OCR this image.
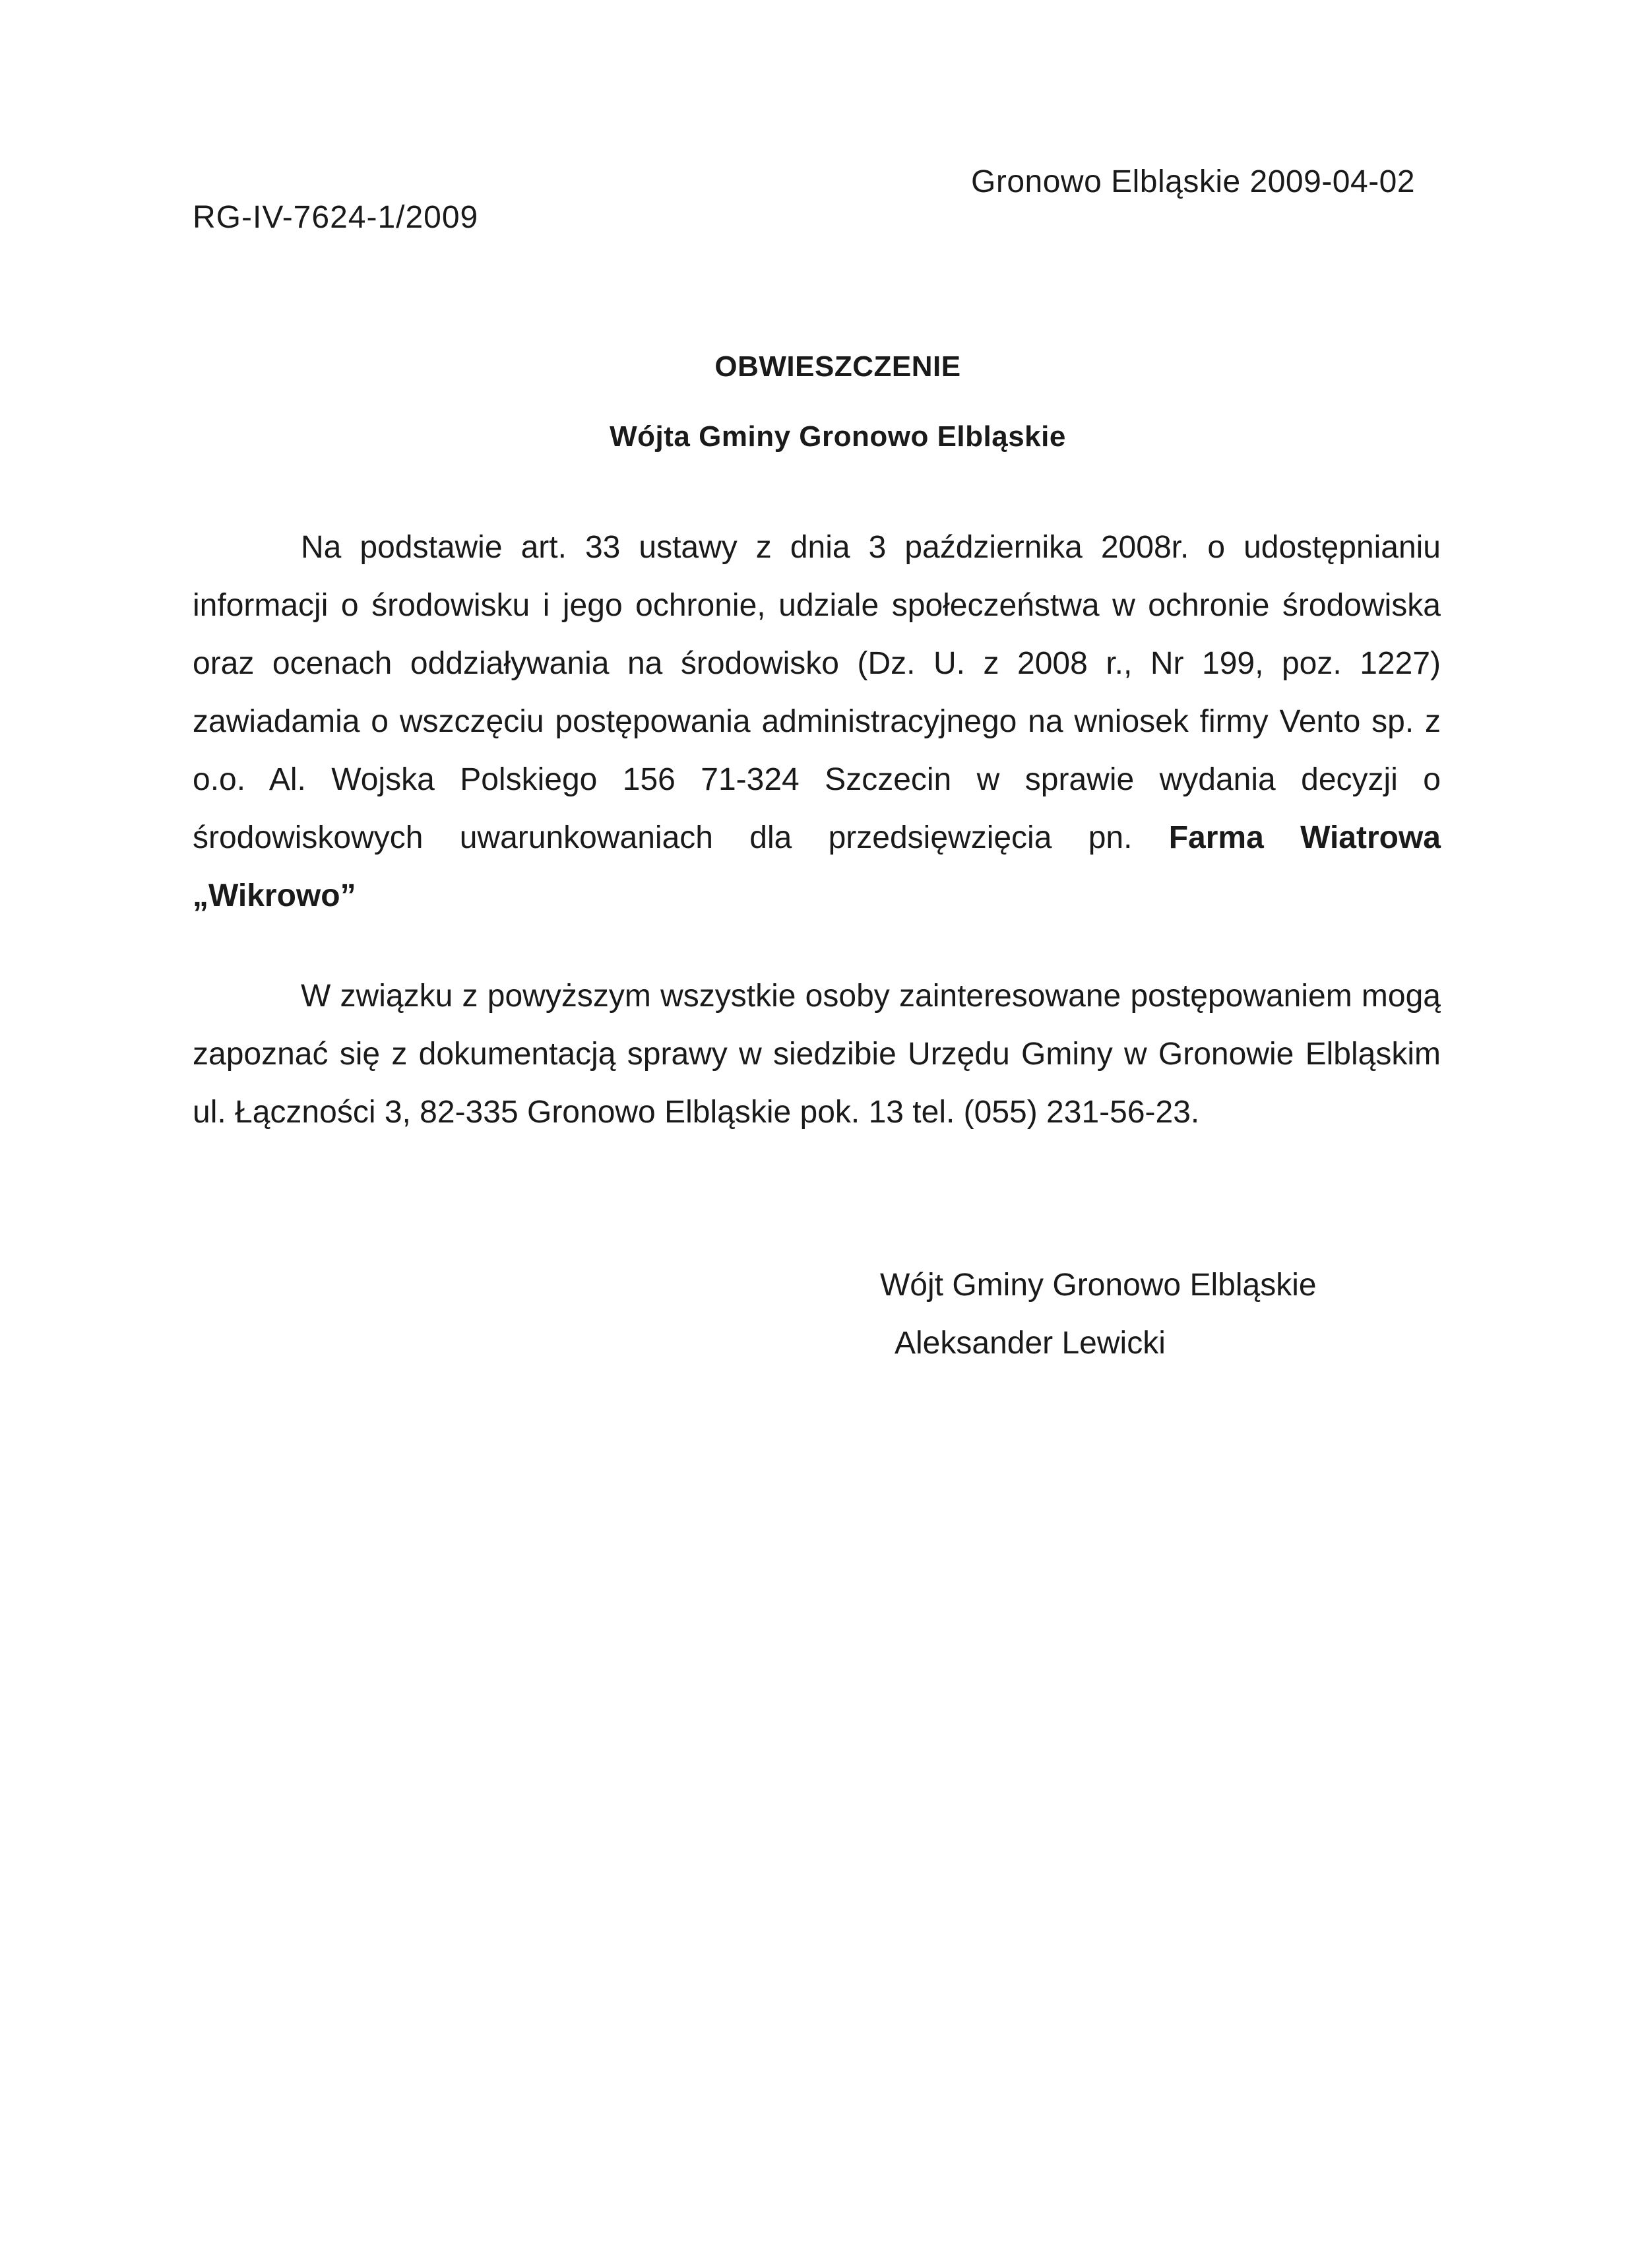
RG-IV-7624-1/2009
Gronowo Elbląskie 2009-04-02
OBWIESZCZENIE
Wójta Gminy Gronowo Elbląskie

Na podstawie art. 33 ustawy z dnia 3 października 2008r. o udostępnianiu informacji o środowisku i jego ochronie, udziale społeczeństwa w ochronie środowiska oraz ocenach oddziaływania na środowisko (Dz. U. z 2008 r., Nr 199, poz. 1227) zawiadamia o wszczęciu postępowania administracyjnego na wniosek firmy Vento sp. z o.o. Al. Wojska Polskiego 156 71-324 Szczecin w sprawie wydania decyzji o środowiskowych uwarunkowaniach dla przedsięwzięcia pn. Farma Wiatrowa „Wikrowo”

W związku z powyższym wszystkie osoby zainteresowane postępowaniem mogą zapoznać się z dokumentacją sprawy w siedzibie Urzędu Gminy w Gronowie Elbląskim ul. Łączności 3, 82-335 Gronowo Elbląskie pok. 13 tel. (055) 231-56-23.

Wójt Gminy Gronowo Elbląskie
Aleksander Lewicki
